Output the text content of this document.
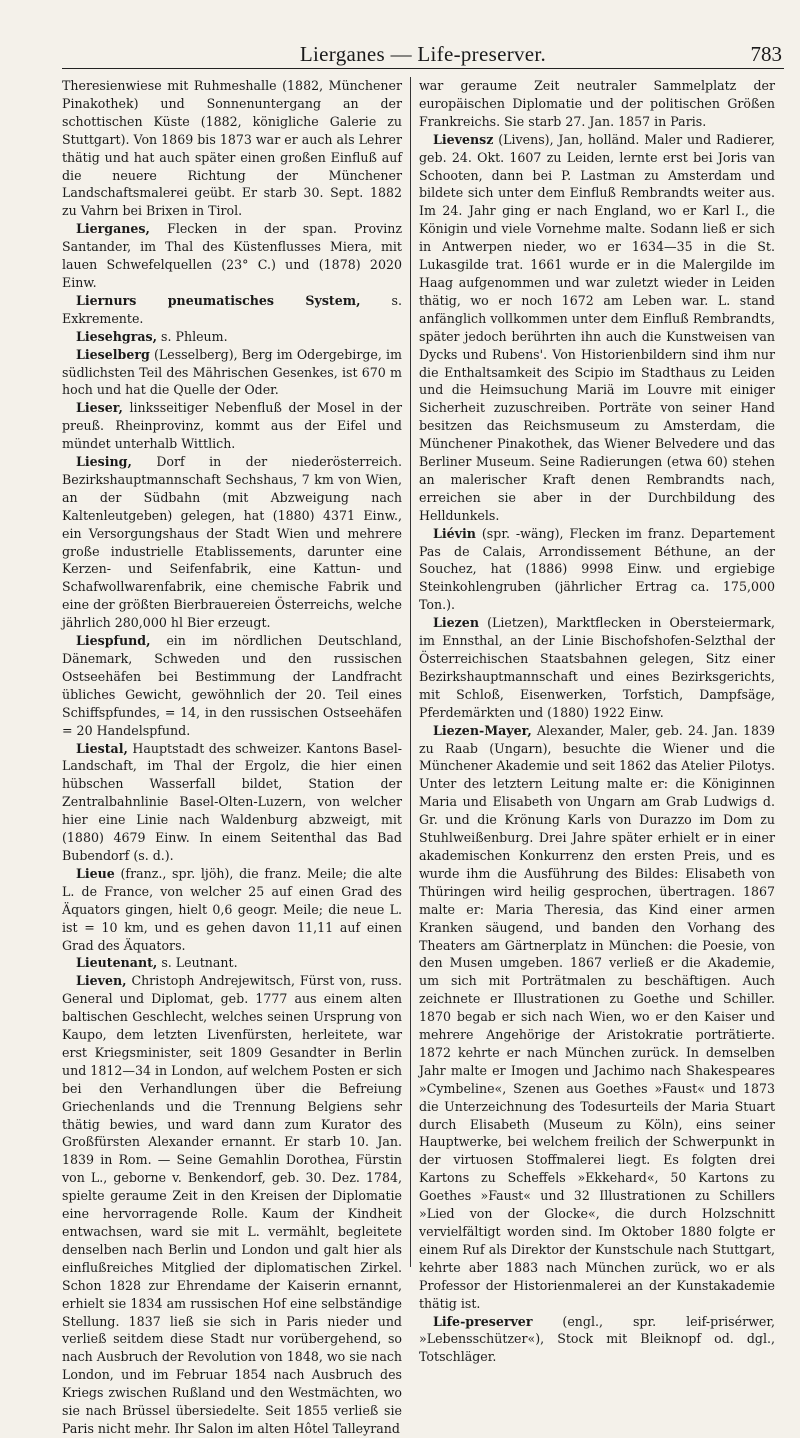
Lierganes — Life-preserver.	783

Theresienwiese mit Ruhmeshalle (1882, Münchener Pinakothek) und Sonnenuntergang an der schottischen Küste (1882, königliche Galerie zu Stuttgart). Von 1869 bis 1873 war er auch als Lehrer thätig und hat auch später einen großen Einfluß auf die neuere Richtung der Münchener Landschaftsmalerei geübt. Er starb 30. Sept. 1882 zu Vahrn bei Brixen in Tirol.

Lierganes, Flecken in der span. Provinz Santander, im Thal des Küstenflusses Miera, mit lauen Schwefelquellen (23° C.) und (1878) 2020 Einw.

Liernurs pneumatisches System, s. Exkremente.

Liesehgras, s. Phleum.

Lieselberg (Lesselberg), Berg im Odergebirge, im südlichsten Teil des Mährischen Gesenkes, ist 670 m hoch und hat die Quelle der Oder.

Lieser, linksseitiger Nebenfluß der Mosel in der preuß. Rheinprovinz, kommt aus der Eifel und mündet unterhalb Wittlich.

Liesing, Dorf in der niederösterreich. Bezirkshauptmannschaft Sechshaus, 7 km von Wien, an der Südbahn (mit Abzweigung nach Kaltenleutgeben) gelegen, hat (1880) 4371 Einw., ein Versorgungshaus der Stadt Wien und mehrere große industrielle Etablissements, darunter eine Kerzen- und Seifenfabrik, eine Kattun- und Schafwollwarenfabrik, eine chemische Fabrik und eine der größten Bierbrauereien Österreichs, welche jährlich 280,000 hl Bier erzeugt.

Liespfund, ein im nördlichen Deutschland, Dänemark, Schweden und den russischen Ostseehäfen bei Bestimmung der Landfracht übliches Gewicht, gewöhnlich der 20. Teil eines Schiffspfundes, = 14, in den russischen Ostseehäfen = 20 Handelspfund.

Liestal, Hauptstadt des schweizer. Kantons Basel-Landschaft, im Thal der Ergolz, die hier einen hübschen Wasserfall bildet, Station der Zentralbahnlinie Basel-Olten-Luzern, von welcher hier eine Linie nach Waldenburg abzweigt, mit (1880) 4679 Einw. In einem Seitenthal das Bad Bubendorf (s. d.).

Lieue (franz., spr. ljöh), die franz. Meile; die alte L. de France, von welcher 25 auf einen Grad des Äquators gingen, hielt 0,6 geogr. Meile; die neue L. ist = 10 km, und es gehen davon 11,11 auf einen Grad des Äquators.

Lieutenant, s. Leutnant.

Lieven, Christoph Andrejewitsch, Fürst von, russ. General und Diplomat, geb. 1777 aus einem alten baltischen Geschlecht, welches seinen Ursprung von Kaupo, dem letzten Livenfürsten, herleitete, war erst Kriegsminister, seit 1809 Gesandter in Berlin und 1812—34 in London, auf welchem Posten er sich bei den Verhandlungen über die Befreiung Griechenlands und die Trennung Belgiens sehr thätig bewies, und ward dann zum Kurator des Großfürsten Alexander ernannt. Er starb 10. Jan. 1839 in Rom. — Seine Gemahlin Dorothea, Fürstin von L., geborne v. Benkendorf, geb. 30. Dez. 1784, spielte geraume Zeit in den Kreisen der Diplomatie eine hervorragende Rolle. Kaum der Kindheit entwachsen, ward sie mit L. vermählt, begleitete denselben nach Berlin und London und galt hier als einflußreiches Mitglied der diplomatischen Zirkel. Schon 1828 zur Ehrendame der Kaiserin ernannt, erhielt sie 1834 am russischen Hof eine selbständige Stellung. 1837 ließ sie sich in Paris nieder und verließ seitdem diese Stadt nur vorübergehend, so nach Ausbruch der Revolution von 1848, wo sie nach London, und im Februar 1854 nach Ausbruch des Kriegs zwischen Rußland und den Westmächten, wo sie nach Brüssel übersiedelte. Seit 1855 verließ sie Paris nicht mehr. Ihr Salon im alten Hôtel Talleyrand

war geraume Zeit neutraler Sammelplatz der europäischen Diplomatie und der politischen Größen Frankreichs. Sie starb 27. Jan. 1857 in Paris.

Lievensz (Livens), Jan, holländ. Maler und Radierer, geb. 24. Okt. 1607 zu Leiden, lernte erst bei Joris van Schooten, dann bei P. Lastman zu Amsterdam und bildete sich unter dem Einfluß Rembrandts weiter aus. Im 24. Jahr ging er nach England, wo er Karl I., die Königin und viele Vornehme malte. Sodann ließ er sich in Antwerpen nieder, wo er 1634—35 in die St. Lukasgilde trat. 1661 wurde er in die Malergilde im Haag aufgenommen und war zuletzt wieder in Leiden thätig, wo er noch 1672 am Leben war. L. stand anfänglich vollkommen unter dem Einfluß Rembrandts, später jedoch berührten ihn auch die Kunstweisen van Dycks und Rubens'. Von Historienbildern sind ihm nur die Enthaltsamkeit des Scipio im Stadthaus zu Leiden und die Heimsuchung Mariä im Louvre mit einiger Sicherheit zuzuschreiben. Porträte von seiner Hand besitzen das Reichsmuseum zu Amsterdam, die Münchener Pinakothek, das Wiener Belvedere und das Berliner Museum. Seine Radierungen (etwa 60) stehen an malerischer Kraft denen Rembrandts nach, erreichen sie aber in der Durchbildung des Helldunkels.

Liévin (spr. -wäng), Flecken im franz. Departement Pas de Calais, Arrondissement Béthune, an der Souchez, hat (1886) 9998 Einw. und ergiebige Steinkohlengruben (jährlicher Ertrag ca. 175,000 Ton.).

Liezen (Lietzen), Marktflecken in Obersteiermark, im Ennsthal, an der Linie Bischofshofen-Selzthal der Österreichischen Staatsbahnen gelegen, Sitz einer Bezirkshauptmannschaft und eines Bezirksgerichts, mit Schloß, Eisenwerken, Torfstich, Dampfsäge, Pferdemärkten und (1880) 1922 Einw.

Liezen-Mayer, Alexander, Maler, geb. 24. Jan. 1839 zu Raab (Ungarn), besuchte die Wiener und die Münchener Akademie und seit 1862 das Atelier Pilotys. Unter des letztern Leitung malte er: die Königinnen Maria und Elisabeth von Ungarn am Grab Ludwigs d. Gr. und die Krönung Karls von Durazzo im Dom zu Stuhlweißenburg. Drei Jahre später erhielt er in einer akademischen Konkurrenz den ersten Preis, und es wurde ihm die Ausführung des Bildes: Elisabeth von Thüringen wird heilig gesprochen, übertragen. 1867 malte er: Maria Theresia, das Kind einer armen Kranken säugend, und banden den Vorhang des Theaters am Gärtnerplatz in München: die Poesie, von den Musen umgeben. 1867 verließ er die Akademie, um sich mit Porträtmalen zu beschäftigen. Auch zeichnete er Illustrationen zu Goethe und Schiller. 1870 begab er sich nach Wien, wo er den Kaiser und mehrere Angehörige der Aristokratie porträtierte. 1872 kehrte er nach München zurück. In demselben Jahr malte er Imogen und Jachimo nach Shakespeares »Cymbeline«, Szenen aus Goethes »Faust« und 1873 die Unterzeichnung des Todesurteils der Maria Stuart durch Elisabeth (Museum zu Köln), eins seiner Hauptwerke, bei welchem freilich der Schwerpunkt in der virtuosen Stoffmalerei liegt. Es folgten drei Kartons zu Scheffels »Ekkehard«, 50 Kartons zu Goethes »Faust« und 32 Illustrationen zu Schillers »Lied von der Glocke«, die durch Holzschnitt vervielfältigt worden sind. Im Oktober 1880 folgte er einem Ruf als Direktor der Kunstschule nach Stuttgart, kehrte aber 1883 nach München zurück, wo er als Professor der Historienmalerei an der Kunstakademie thätig ist.

Life-preserver (engl., spr. leif-prisérwer, »Lebensschützer«), Stock mit Bleiknopf od. dgl., Totschläger.
